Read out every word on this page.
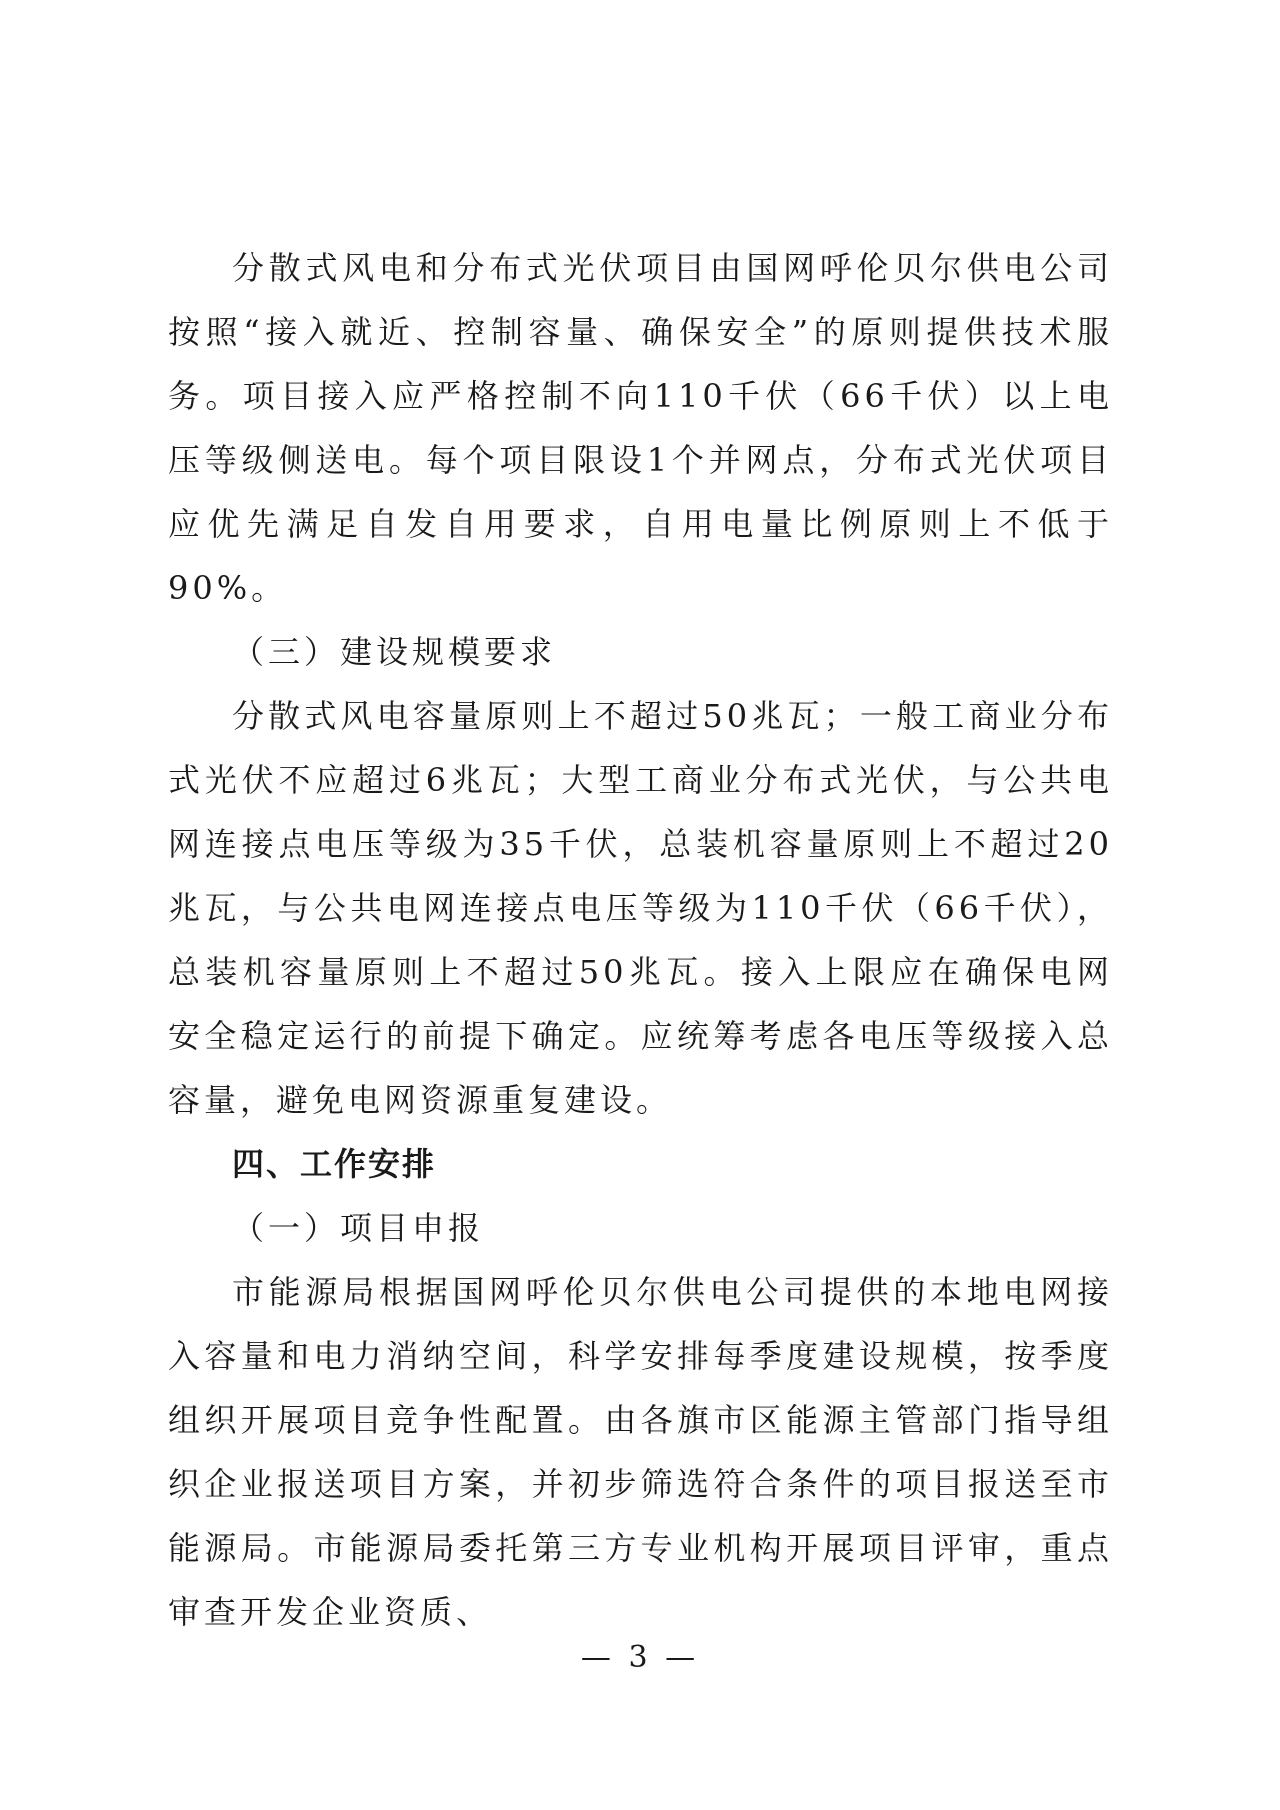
分散式风电和分布式光伏项目由国网呼伦贝尔供电公司按照“接入就近、控制容量、确保安全”的原则提供技术服务。项目接入应严格控制不向110千伏（66千伏）以上电压等级侧送电。每个项目限设1个并网点，分布式光伏项目应优先满足自发自用要求，自用电量比例原则上不低于90%。

（三）建设规模要求

分散式风电容量原则上不超过50兆瓦；一般工商业分布式光伏不应超过6兆瓦；大型工商业分布式光伏，与公共电网连接点电压等级为35千伏，总装机容量原则上不超过20兆瓦，与公共电网连接点电压等级为110千伏（66千伏），总装机容量原则上不超过50兆瓦。接入上限应在确保电网安全稳定运行的前提下确定。应统筹考虑各电压等级接入总容量，避免电网资源重复建设。

四、工作安排

（一）项目申报

市能源局根据国网呼伦贝尔供电公司提供的本地电网接入容量和电力消纳空间，科学安排每季度建设规模，按季度组织开展项目竞争性配置。由各旗市区能源主管部门指导组织企业报送项目方案，并初步筛选符合条件的项目报送至市能源局。市能源局委托第三方专业机构开展项目评审，重点审查开发企业资质、

— 3 —
